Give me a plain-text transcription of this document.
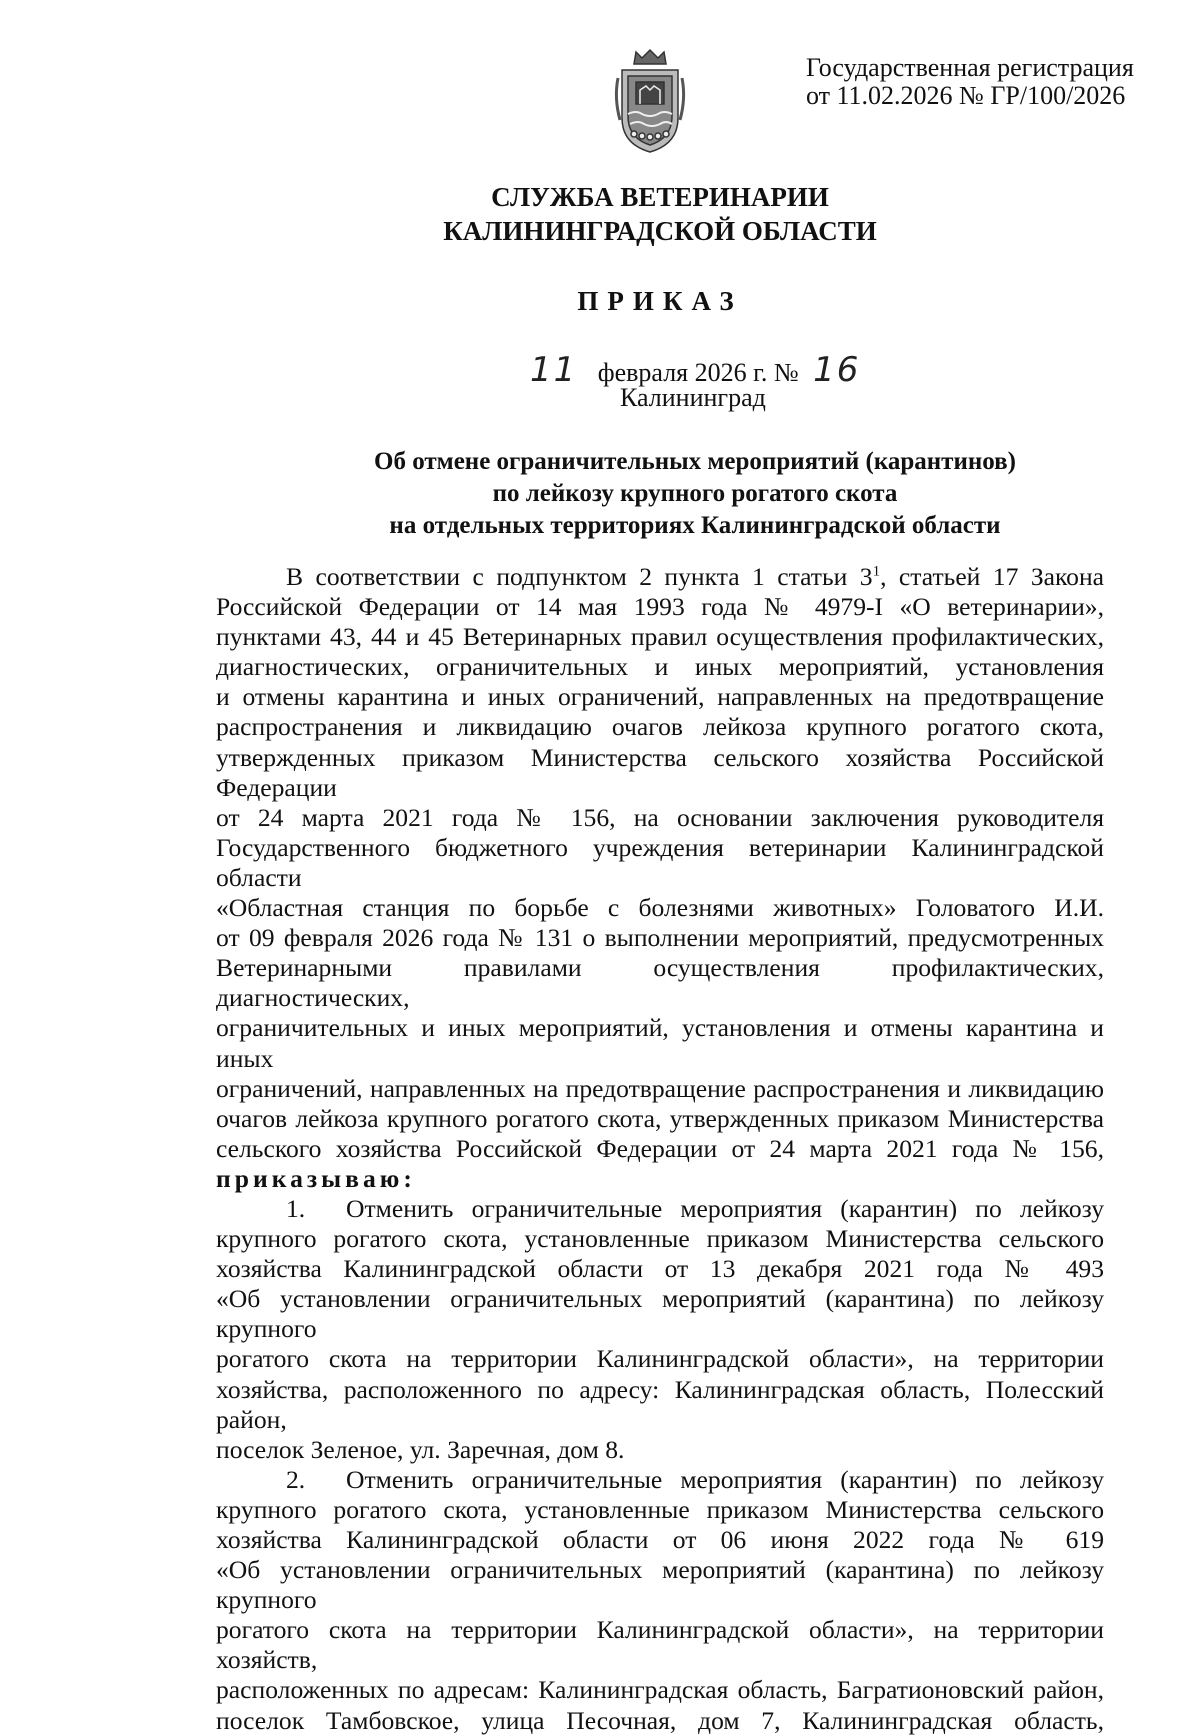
Государственная регистрация
от 11.02.2026 № ГР/100/2026
СЛУЖБА ВЕТЕРИНАРИИ
КАЛИНИНГРАДСКОЙ ОБЛАСТИ
ПРИКАЗ
11 февраля 2026 г. № 16
Калининград
Об отмене ограничительных мероприятий (карантинов)
по лейкозу крупного рогатого скота
на отдельных территориях Калининградской области
В соответствии с подпунктом 2 пункта 1 статьи $3^1$, статьей 17 Закона
Российской Федерации от 14 мая 1993 года № 4979-I «О ветеринарии»,
пунктами 43, 44 и 45 Ветеринарных правил осуществления профилактических,
диагностических, ограничительных и иных мероприятий, установления
и отмены карантина и иных ограничений, направленных на предотвращение
распространения и ликвидацию очагов лейкоза крупного рогатого скота,
утвержденных приказом Министерства сельского хозяйства Российской Федерации
от 24 марта 2021 года № 156, на основании заключения руководителя
Государственного бюджетного учреждения ветеринарии Калининградской области
«Областная станция по борьбе с болезнями животных» Головатого И.И.
от 09 февраля 2026 года № 131 о выполнении мероприятий, предусмотренных
Ветеринарными правилами осуществления профилактических, диагностических,
ограничительных и иных мероприятий, установления и отмены карантина и иных
ограничений, направленных на предотвращение распространения и ликвидацию
очагов лейкоза крупного рогатого скота, утвержденных приказом Министерства
сельского хозяйства Российской Федерации от 24 марта 2021 года № 156,
приказываю:
1. Отменить ограничительные мероприятия (карантин) по лейкозу
крупного рогатого скота, установленные приказом Министерства сельского
хозяйства Калининградской области от 13 декабря 2021 года № 493
«Об установлении ограничительных мероприятий (карантина) по лейкозу крупного
рогатого скота на территории Калининградской области», на территории
хозяйства, расположенного по адресу: Калининградская область, Полесский район,
поселок Зеленое, ул. Заречная, дом 8.
2. Отменить ограничительные мероприятия (карантин) по лейкозу
крупного рогатого скота, установленные приказом Министерства сельского
хозяйства Калининградской области от 06 июня 2022 года № 619
«Об установлении ограничительных мероприятий (карантина) по лейкозу крупного
рогатого скота на территории Калининградской области», на территории хозяйств,
расположенных по адресам: Калининградская область, Багратионовский район,
поселок Тамбовское, улица Песочная, дом 7, Калининградская область,
